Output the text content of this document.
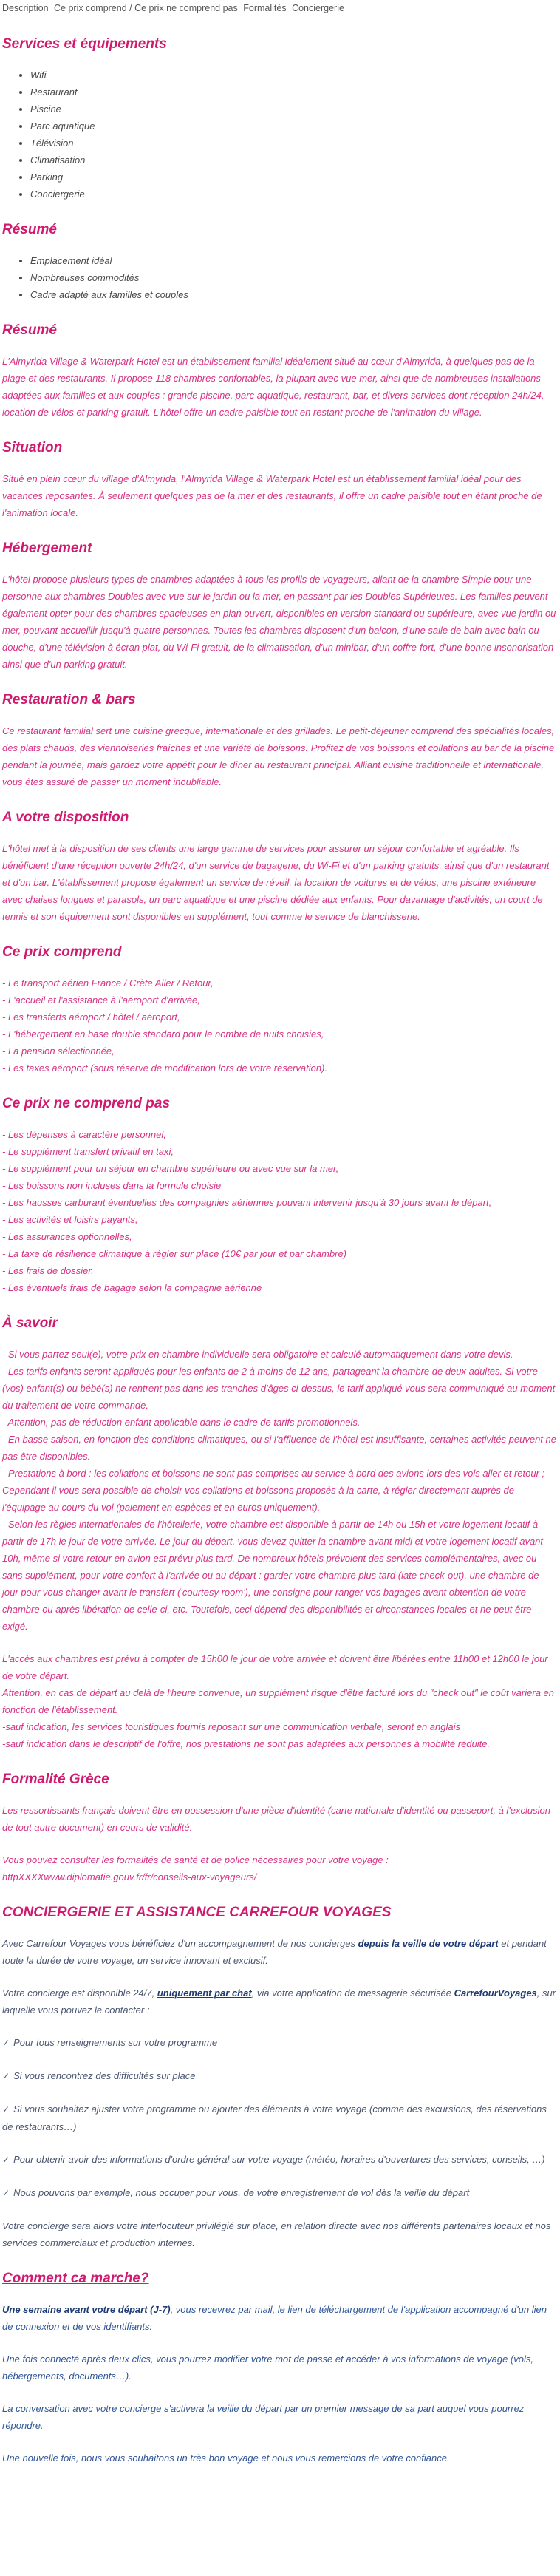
Description Ce prix comprend / Ce prix ne comprend pas Formalités Conciergerie
Services et équipements
• Wifi
• Restaurant
• Piscine
• Parc aquatique
• Télévision
• Climatisation
• Parking
• Conciergerie
Résumé
• Emplacement idéal
• Nombreuses commodités
• Cadre adapté aux familles et couples
Résumé

L'Almyrida Village & Waterpark Hotel est un établissement familial idéalement situé au cœur d'Almyrida, à quelques pas de la plage et des restaurants. Il propose 118 chambres confortables, la plupart avec vue mer, ainsi que de nombreuses installations adaptées aux familles et aux couples : grande piscine, parc aquatique, restaurant, bar, et divers services dont réception 24h/24, location de vélos et parking gratuit. L'hôtel offre un cadre paisible tout en restant proche de l'animation du village.

Situation

Situé en plein cœur du village d'Almyrida, l'Almyrida Village & Waterpark Hotel est un établissement familial idéal pour des vacances reposantes. À seulement quelques pas de la mer et des restaurants, il offre un cadre paisible tout en étant proche de l'animation locale.

Hébergement

L'hôtel propose plusieurs types de chambres adaptées à tous les profils de voyageurs, allant de la chambre Simple pour une personne aux chambres Doubles avec vue sur le jardin ou la mer, en passant par les Doubles Supérieures. Les familles peuvent également opter pour des chambres spacieuses en plan ouvert, disponibles en version standard ou supérieure, avec vue jardin ou mer, pouvant accueillir jusqu'à quatre personnes. Toutes les chambres disposent d'un balcon, d'une salle de bain avec bain ou douche, d'une télévision à écran plat, du Wi-Fi gratuit, de la climatisation, d'un minibar, d'un coffre-fort, d'une bonne insonorisation ainsi que d'un parking gratuit.

Restauration & bars

Ce restaurant familial sert une cuisine grecque, internationale et des grillades. Le petit-déjeuner comprend des spécialités locales, des plats chauds, des viennoiseries fraîches et une variété de boissons. Profitez de vos boissons et collations au bar de la piscine pendant la journée, mais gardez votre appétit pour le dîner au restaurant principal. Alliant cuisine traditionnelle et internationale, vous êtes assuré de passer un moment inoubliable.

A votre disposition

L'hôtel met à la disposition de ses clients une large gamme de services pour assurer un séjour confortable et agréable. Ils bénéficient d'une réception ouverte 24h/24, d'un service de bagagerie, du Wi-Fi et d'un parking gratuits, ainsi que d'un restaurant et d'un bar. L'établissement propose également un service de réveil, la location de voitures et de vélos, une piscine extérieure avec chaises longues et parasols, un parc aquatique et une piscine dédiée aux enfants. Pour davantage d'activités, un court de tennis et son équipement sont disponibles en supplément, tout comme le service de blanchisserie.

Ce prix comprend
- Le transport aérien France / Crète Aller / Retour,
- L'accueil et l'assistance à l'aéroport d'arrivée,
- Les transferts aéroport / hôtel / aéroport,
- L'hébergement en base double standard pour le nombre de nuits choisies,
- La pension sélectionnée,
- Les taxes aéroport (sous réserve de modification lors de votre réservation).
Ce prix ne comprend pas
- Les dépenses à caractère personnel,
- Le supplément transfert privatif en taxi,
- Le supplément pour un séjour en chambre supérieure ou avec vue sur la mer,
- Les boissons non incluses dans la formule choisie
- Les hausses carburant éventuelles des compagnies aériennes pouvant intervenir jusqu'à 30 jours avant le départ,
- Les activités et loisirs payants,
- Les assurances optionnelles,
- La taxe de résilience climatique à régler sur place (10€ par jour et par chambre)
- Les frais de dossier.
- Les éventuels frais de bagage selon la compagnie aérienne
À savoir
- Si vous partez seul(e), votre prix en chambre individuelle sera obligatoire et calculé automatiquement dans votre devis.
- Les tarifs enfants seront appliqués pour les enfants de 2 à moins de 12 ans, partageant la chambre de deux adultes. Si votre (vos) enfant(s) ou bébé(s) ne rentrent pas dans les tranches d'âges ci-dessus, le tarif appliqué vous sera communiqué au moment du traitement de votre commande.
- Attention, pas de réduction enfant applicable dans le cadre de tarifs promotionnels.
- En basse saison, en fonction des conditions climatiques, ou si l'affluence de l'hôtel est insuffisante, certaines activités peuvent ne pas être disponibles.
- Prestations à bord : les collations et boissons ne sont pas comprises au service à bord des avions lors des vols aller et retour ; Cependant il vous sera possible de choisir vos collations et boissons proposés à la carte, à régler directement auprès de l'équipage au cours du vol (paiement en espèces et en euros uniquement).
- Selon les règles internationales de l'hôtellerie, votre chambre est disponible à partir de 14h ou 15h et votre logement locatif à partir de 17h le jour de votre arrivée. Le jour du départ, vous devez quitter la chambre avant midi et votre logement locatif avant 10h, même si votre retour en avion est prévu plus tard. De nombreux hôtels prévoient des services complémentaires, avec ou sans supplément, pour votre confort à l'arrivée ou au départ : garder votre chambre plus tard (late check-out), une chambre de jour pour vous changer avant le transfert ('courtesy room'), une consigne pour ranger vos bagages avant obtention de votre chambre ou après libération de celle-ci, etc. Toutefois, ceci dépend des disponibilités et circonstances locales et ne peut être exigé.
L'accès aux chambres est prévu à compter de 15h00 le jour de votre arrivée et doivent être libérées entre 11h00 et 12h00 le jour de votre départ.
Attention, en cas de départ au delà de l'heure convenue, un supplément risque d'être facturé lors du "check out" le coût variera en fonction de l'établissement.
-sauf indication, les services touristiques fournis reposant sur une communication verbale, seront en anglais
-sauf indication dans le descriptif de l'offre, nos prestations ne sont pas adaptées aux personnes à mobilité réduite.
Formalité Grèce

Les ressortissants français doivent être en possession d'une pièce d'identité (carte nationale d'identité ou passeport, à l'exclusion de tout autre document) en cours de validité.

Vous pouvez consulter les formalités de santé et de police nécessaires pour votre voyage :
httpXXXXwww.diplomatie.gouv.fr/fr/conseils-aux-voyageurs/

CONCIERGERIE ET ASSISTANCE CARREFOUR VOYAGES

Avec Carrefour Voyages vous bénéficiez d'un accompagnement de nos concierges depuis la veille de votre départ et pendant toute la durée de votre voyage, un service innovant et exclusif.

Votre concierge est disponible 24/7, uniquement par chat, via votre application de messagerie sécurisée CarrefourVoyages, sur laquelle vous pouvez le contacter :

✓ Pour tous renseignements sur votre programme

✓ Si vous rencontrez des difficultés sur place

✓ Si vous souhaitez ajuster votre programme ou ajouter des éléments à votre voyage (comme des excursions, des réservations de restaurants…)

✓ Pour obtenir avoir des informations d'ordre général sur votre voyage (météo, horaires d'ouvertures des services, conseils, …)

✓ Nous pouvons par exemple, nous occuper pour vous, de votre enregistrement de vol dès la veille du départ

Votre concierge sera alors votre interlocuteur privilégié sur place, en relation directe avec nos différents partenaires locaux et nos services commerciaux et production internes.

Comment ca marche?

Une semaine avant votre départ (J-7), vous recevrez par mail, le lien de téléchargement de l'application accompagné d'un lien de connexion et de vos identifiants.

Une fois connecté après deux clics, vous pourrez modifier votre mot de passe et accéder à vos informations de voyage (vols, hébergements, documents…).

La conversation avec votre concierge s'activera la veille du départ par un premier message de sa part auquel vous pourrez répondre.

Une nouvelle fois, nous vous souhaitons un très bon voyage et nous vous remercions de votre confiance.
